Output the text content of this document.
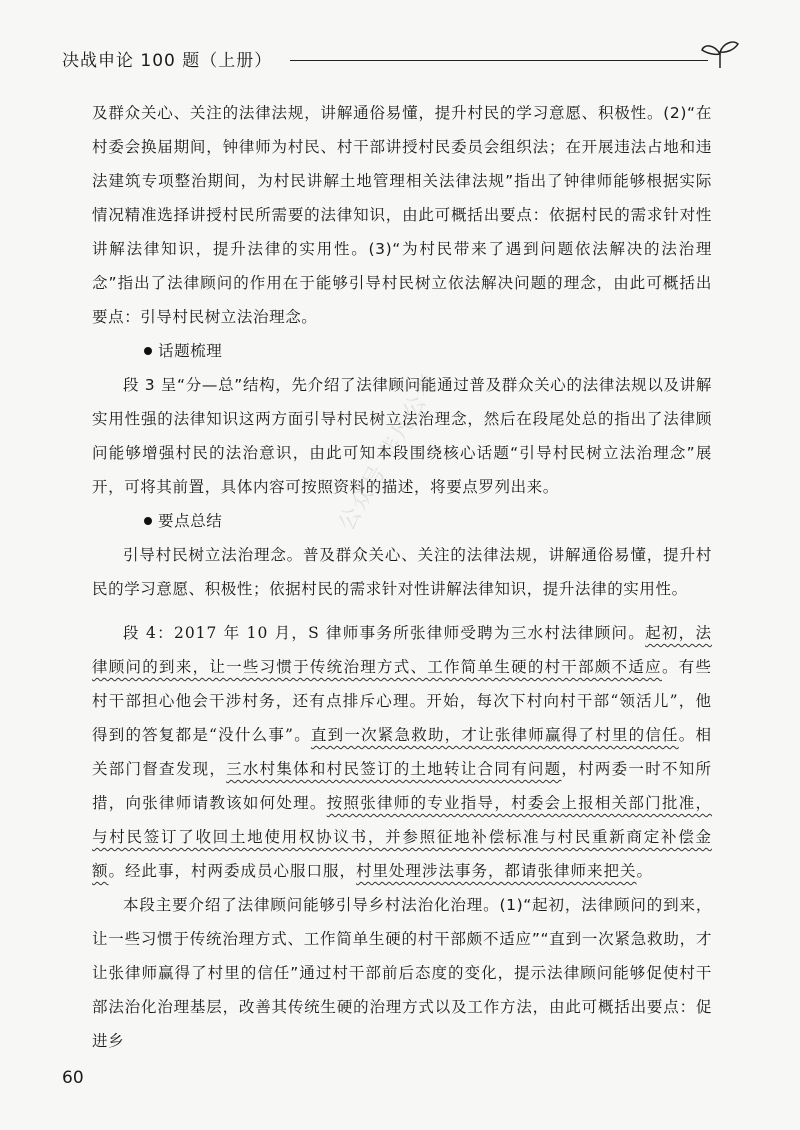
决战申论 100 题（上册）
公众号 非凡公考

及群众关心、关注的法律法规，讲解通俗易懂，提升村民的学习意愿、积极性。(2)“在村委会换届期间，钟律师为村民、村干部讲授村民委员会组织法；在开展违法占地和违法建筑专项整治期间，为村民讲解土地管理相关法律法规”指出了钟律师能够根据实际情况精准选择讲授村民所需要的法律知识，由此可概括出要点：依据村民的需求针对性讲解法律知识，提升法律的实用性。(3)“为村民带来了遇到问题依法解决的法治理念”指出了法律顾问的作用在于能够引导村民树立依法解决问题的理念，由此可概括出要点：引导村民树立法治理念。

话题梳理

段 3 呈“分—总”结构，先介绍了法律顾问能通过普及群众关心的法律法规以及讲解实用性强的法律知识这两方面引导村民树立法治理念，然后在段尾处总的指出了法律顾问能够增强村民的法治意识，由此可知本段围绕核心话题“引导村民树立法治理念”展开，可将其前置，具体内容可按照资料的描述，将要点罗列出来。

要点总结

引导村民树立法治理念。普及群众关心、关注的法律法规，讲解通俗易懂，提升村民的学习意愿、积极性；依据村民的需求针对性讲解法律知识，提升法律的实用性。

段 4：2017 年 10 月，S 律师事务所张律师受聘为三水村法律顾问。起初，法律顾问的到来，让一些习惯于传统治理方式、工作简单生硬的村干部颇不适应。有些村干部担心他会干涉村务，还有点排斥心理。开始，每次下村向村干部“领活儿”，他得到的答复都是“没什么事”。直到一次紧急救助，才让张律师赢得了村里的信任。相关部门督查发现，三水村集体和村民签订的土地转让合同有问题，村两委一时不知所措，向张律师请教该如何处理。按照张律师的专业指导，村委会上报相关部门批准，与村民签订了收回土地使用权协议书，并参照征地补偿标准与村民重新商定补偿金额。经此事，村两委成员心服口服，村里处理涉法事务，都请张律师来把关。

本段主要介绍了法律顾问能够引导乡村法治化治理。(1)“起初，法律顾问的到来，让一些习惯于传统治理方式、工作简单生硬的村干部颇不适应”“直到一次紧急救助，才让张律师赢得了村里的信任”通过村干部前后态度的变化，提示法律顾问能够促使村干部法治化治理基层，改善其传统生硬的治理方式以及工作方法，由此可概括出要点：促进乡

60
